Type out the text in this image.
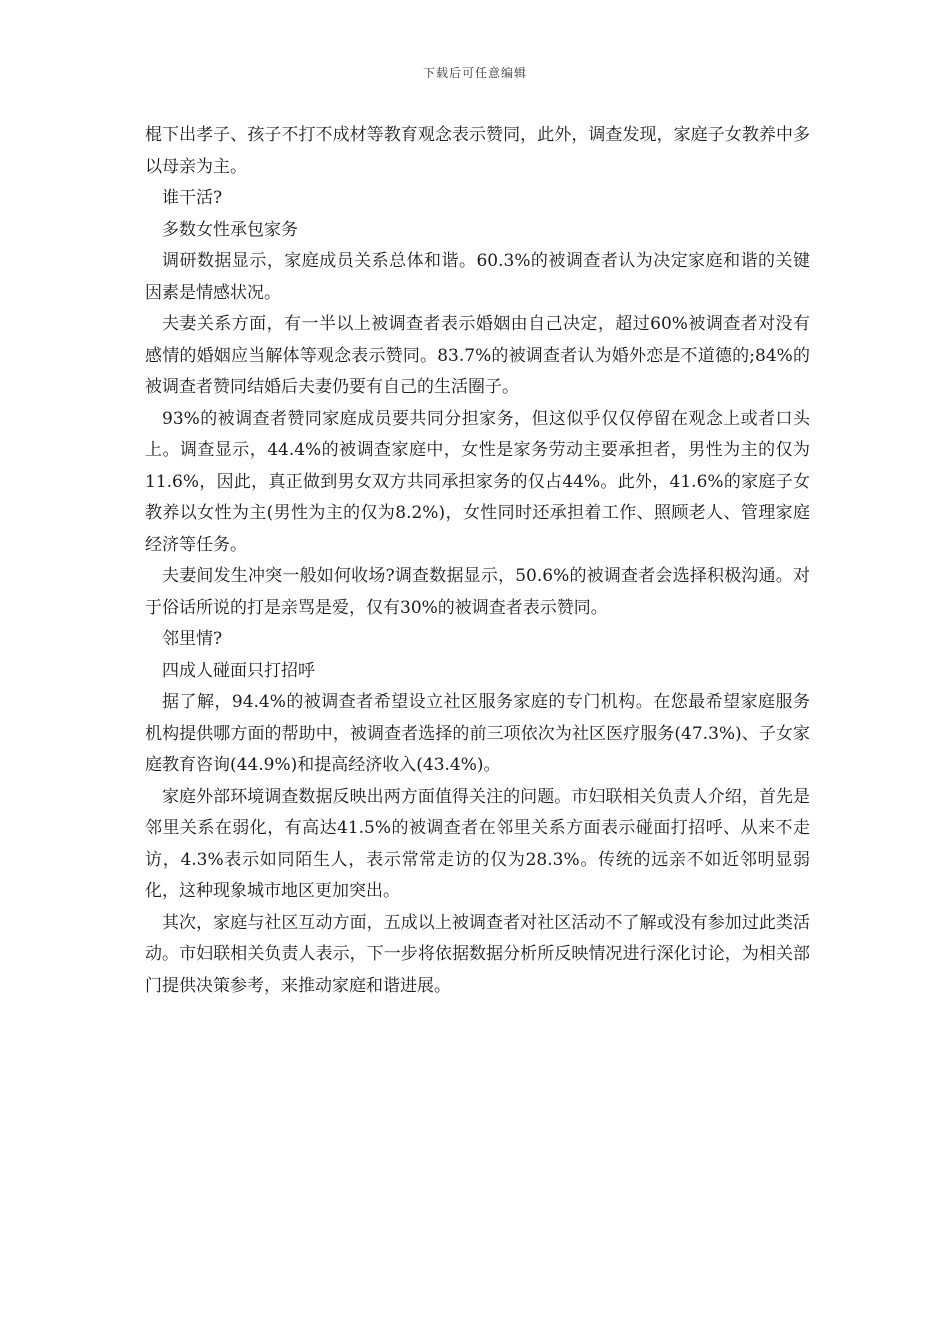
下载后可任意编辑

棍下出孝子、孩子不打不成材等教育观念表示赞同，此外，调查发现，家庭子女教养中多以母亲为主。

谁干活?

多数女性承包家务

调研数据显示，家庭成员关系总体和谐。60.3%的被调查者认为决定家庭和谐的关键因素是情感状况。

夫妻关系方面，有一半以上被调查者表示婚姻由自己决定，超过60%被调查者对没有感情的婚姻应当解体等观念表示赞同。83.7%的被调查者认为婚外恋是不道德的;84%的被调查者赞同结婚后夫妻仍要有自己的生活圈子。

93%的被调查者赞同家庭成员要共同分担家务，但这似乎仅仅停留在观念上或者口头上。调查显示，44.4%的被调查家庭中，女性是家务劳动主要承担者，男性为主的仅为11.6%，因此，真正做到男女双方共同承担家务的仅占44%。此外，41.6%的家庭子女教养以女性为主(男性为主的仅为8.2%)，女性同时还承担着工作、照顾老人、管理家庭经济等任务。

夫妻间发生冲突一般如何收场?调查数据显示，50.6%的被调查者会选择积极沟通。对于俗话所说的打是亲骂是爱，仅有30%的被调查者表示赞同。

邻里情?

四成人碰面只打招呼

据了解，94.4%的被调查者希望设立社区服务家庭的专门机构。在您最希望家庭服务机构提供哪方面的帮助中，被调查者选择的前三项依次为社区医疗服务(47.3%)、子女家庭教育咨询(44.9%)和提高经济收入(43.4%)。

家庭外部环境调查数据反映出两方面值得关注的问题。市妇联相关负责人介绍，首先是邻里关系在弱化，有高达41.5%的被调查者在邻里关系方面表示碰面打招呼、从来不走访，4.3%表示如同陌生人，表示常常走访的仅为28.3%。传统的远亲不如近邻明显弱化，这种现象城市地区更加突出。

其次，家庭与社区互动方面，五成以上被调查者对社区活动不了解或没有参加过此类活动。市妇联相关负责人表示，下一步将依据数据分析所反映情况进行深化讨论，为相关部门提供决策参考，来推动家庭和谐进展。
